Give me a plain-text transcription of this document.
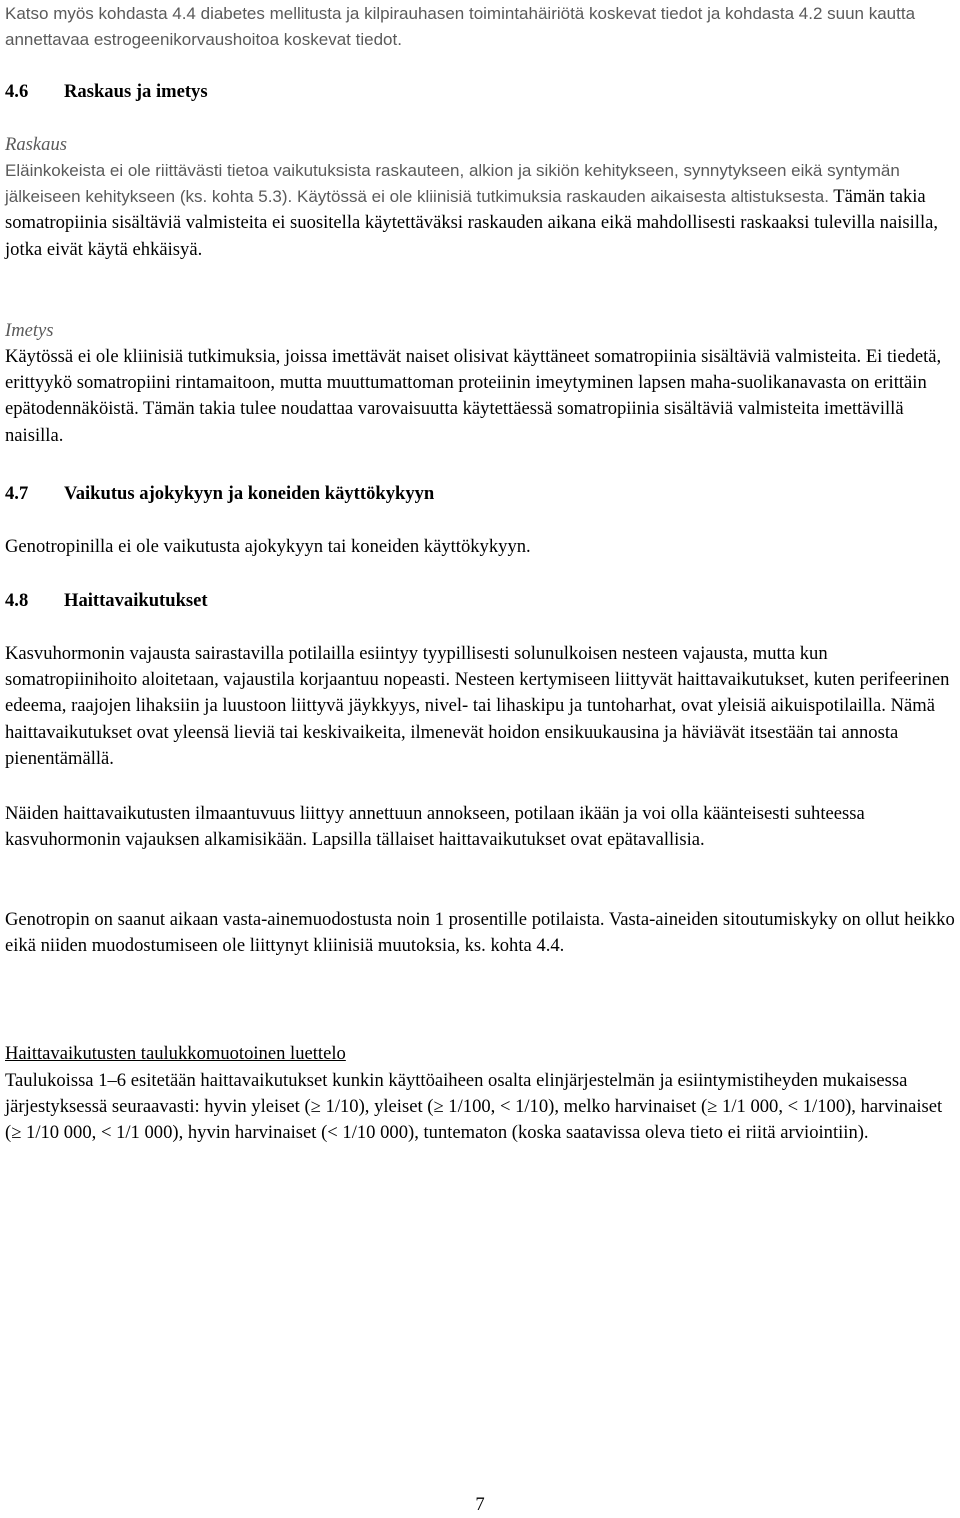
Katso myös kohdasta 4.4 diabetes mellitusta ja kilpirauhasen toimintahäiriötä koskevat tiedot ja kohdasta 4.2 suun kautta annettavaa estrogeenikorvaushoitoa koskevat tiedot.

4.6 Raskaus ja imetys

Raskaus

Eläinkokeista ei ole riittävästi tietoa vaikutuksista raskauteen, alkion ja sikiön kehitykseen, synnytykseen eikä syntymän jälkeiseen kehitykseen (ks. kohta 5.3). Käytössä ei ole kliinisiä tutkimuksia raskauden aikaisesta altistuksesta. Tämän takia somatropiinia sisältäviä valmisteita ei suositella käytettäväksi raskauden aikana eikä mahdollisesti raskaaksi tulevilla naisilla, jotka eivät käytä ehkäisyä.

Imetys

Käytössä ei ole kliinisiä tutkimuksia, joissa imettävät naiset olisivat käyttäneet somatropiinia sisältäviä valmisteita. Ei tiedetä, erittyykö somatropiini rintamaitoon, mutta muuttumattoman proteiinin imeytyminen lapsen maha-suolikanavasta on erittäin epätodennäköistä. Tämän takia tulee noudattaa varovaisuutta käytettäessä somatropiinia sisältäviä valmisteita imettävillä naisilla.

4.7 Vaikutus ajokykyyn ja koneiden käyttökykyyn

Genotropinilla ei ole vaikutusta ajokykyyn tai koneiden käyttökykyyn.

4.8 Haittavaikutukset

Kasvuhormonin vajausta sairastavilla potilailla esiintyy tyypillisesti solunulkoisen nesteen vajausta, mutta kun somatropiinihoito aloitetaan, vajaustila korjaantuu nopeasti. Nesteen kertymiseen liittyvät haittavaikutukset, kuten perifeerinen edeema, raajojen lihaksiin ja luustoon liittyvä jäykkyys, nivel- tai lihaskipu ja tuntoharhat, ovat yleisiä aikuispotilailla. Nämä haittavaikutukset ovat yleensä lieviä tai keskivaikeita, ilmenevät hoidon ensikuukausina ja häviävät itsestään tai annosta pienentämällä.

Näiden haittavaikutusten ilmaantuvuus liittyy annettuun annokseen, potilaan ikään ja voi olla käänteisesti suhteessa kasvuhormonin vajauksen alkamisikään. Lapsilla tällaiset haittavaikutukset ovat epätavallisia.

Genotropin on saanut aikaan vasta-ainemuodostusta noin 1 prosentille potilaista. Vasta-aineiden sitoutumiskyky on ollut heikko eikä niiden muodostumiseen ole liittynyt kliinisiä muutoksia, ks. kohta 4.4.

Haittavaikutusten taulukkomuotoinen luettelo

Taulukoissa 1–6 esitetään haittavaikutukset kunkin käyttöaiheen osalta elinjärjestelmän ja esiintymistiheyden mukaisessa järjestyksessä seuraavasti: hyvin yleiset (≥ 1/10), yleiset (≥ 1/100, < 1/10), melko harvinaiset (≥ 1/1 000, < 1/100), harvinaiset (≥ 1/10 000, < 1/1 000), hyvin harvinaiset (< 1/10 000), tuntematon (koska saatavissa oleva tieto ei riitä arviointiin).

7
